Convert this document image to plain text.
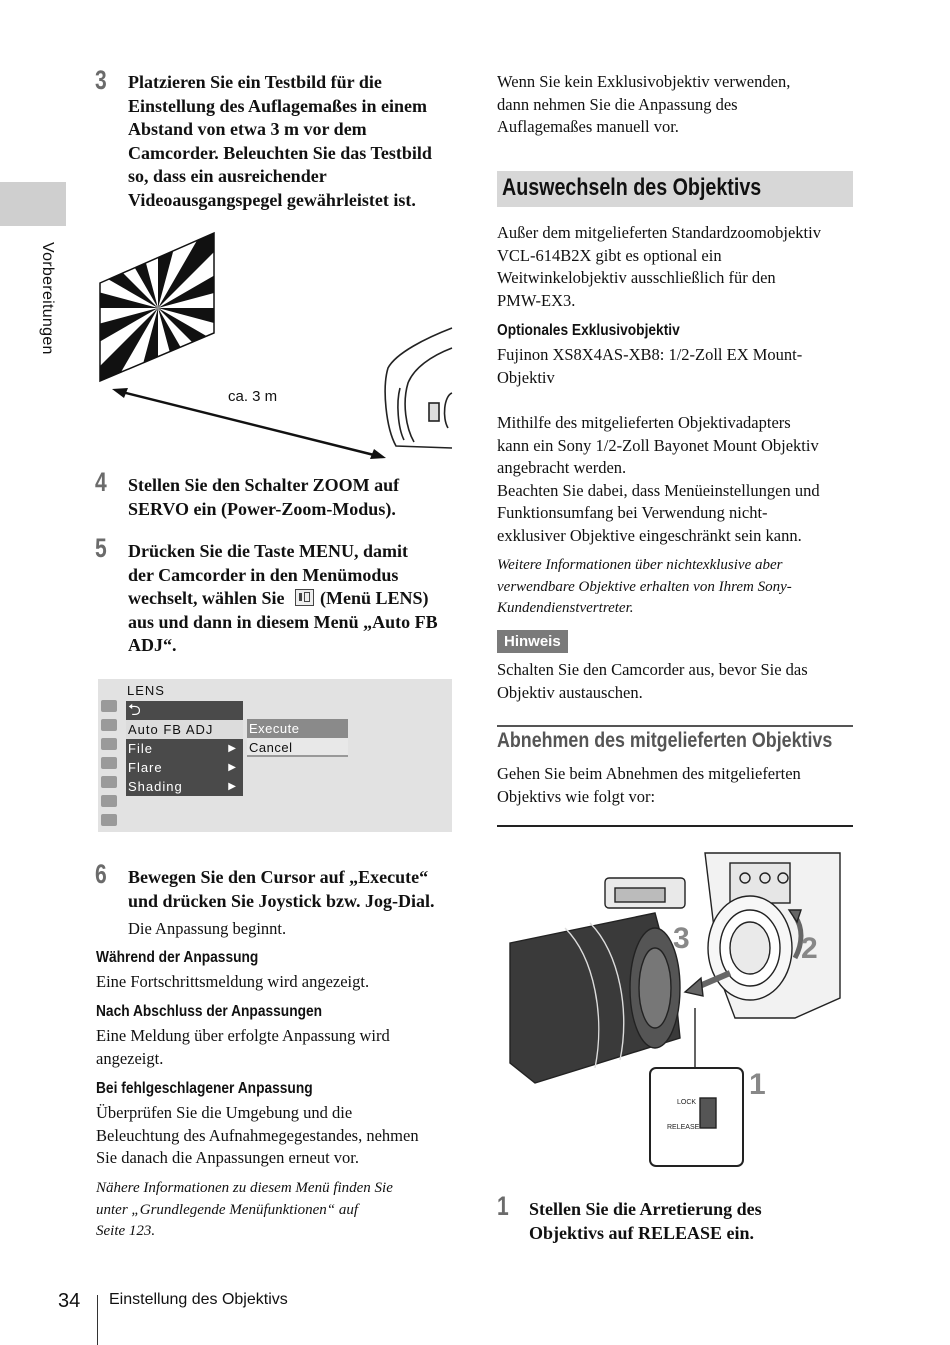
Vorbereitungen
3 Platzieren Sie ein Testbild für die
Einstellung des Auflagemaßes in einem
Abstand von etwa 3 m vor dem
Camcorder. Beleuchten Sie das Testbild
so, dass ein ausreichender
Videoausgangspegel gewährleistet ist.
ca. 3 m
4 Stellen Sie den Schalter ZOOM auf
SERVO ein (Power-Zoom-Modus).
5 Drücken Sie die Taste MENU, damit
der Camcorder in den Menümodus
wechselt, wählen Sie (Menü LENS)
aus und dann in diesem Menü „Auto FB
ADJ“.
LENS
⮌
Auto FB ADJ
File	▶
Flare	▶
Shading	▶
Execute
Cancel
6 Bewegen Sie den Cursor auf „Execute“
und drücken Sie Joystick bzw. Jog-Dial.
Die Anpassung beginnt.
Während der Anpassung
Eine Fortschrittsmeldung wird angezeigt.
Nach Abschluss der Anpassungen
Eine Meldung über erfolgte Anpassung wird
angezeigt.
Bei fehlgeschlagener Anpassung
Überprüfen Sie die Umgebung und die
Beleuchtung des Aufnahmegegestandes, nehmen
Sie danach die Anpassungen erneut vor.
Nähere Informationen zu diesem Menü finden Sie
unter „Grundlegende Menüfunktionen“ auf
Seite 123.
Wenn Sie kein Exklusivobjektiv verwenden,
dann nehmen Sie die Anpassung des
Auflagemaßes manuell vor.
Auswechseln des Objektivs
Außer dem mitgelieferten Standardzoomobjektiv
VCL-614B2X gibt es optional ein
Weitwinkelobjektiv ausschließlich für den
PMW-EX3.
Optionales Exklusivobjektiv
Fujinon XS8X4AS-XB8: 1/2-Zoll EX Mount-
Objektiv
Mithilfe des mitgelieferten Objektivadapters
kann ein Sony 1/2-Zoll Bayonet Mount Objektiv
angebracht werden.
Beachten Sie dabei, dass Menüeinstellungen und
Funktionsumfang bei Verwendung nicht-
exklusiver Objektive eingeschränkt sein kann.
Weitere Informationen über nichtexklusive aber
verwendbare Objektive erhalten von Ihrem Sony-
Kundendienstvertreter.
Hinweis
Schalten Sie den Camcorder aus, bevor Sie das
Objektiv austauschen.
Abnehmen des mitgelieferten Objektivs
Gehen Sie beim Abnehmen des mitgelieferten
Objektivs wie folgt vor:
3	2
1
LOCK
RELEASE
1 Stellen Sie die Arretierung des
Objektivs auf RELEASE ein.
34 Einstellung des Objektivs
